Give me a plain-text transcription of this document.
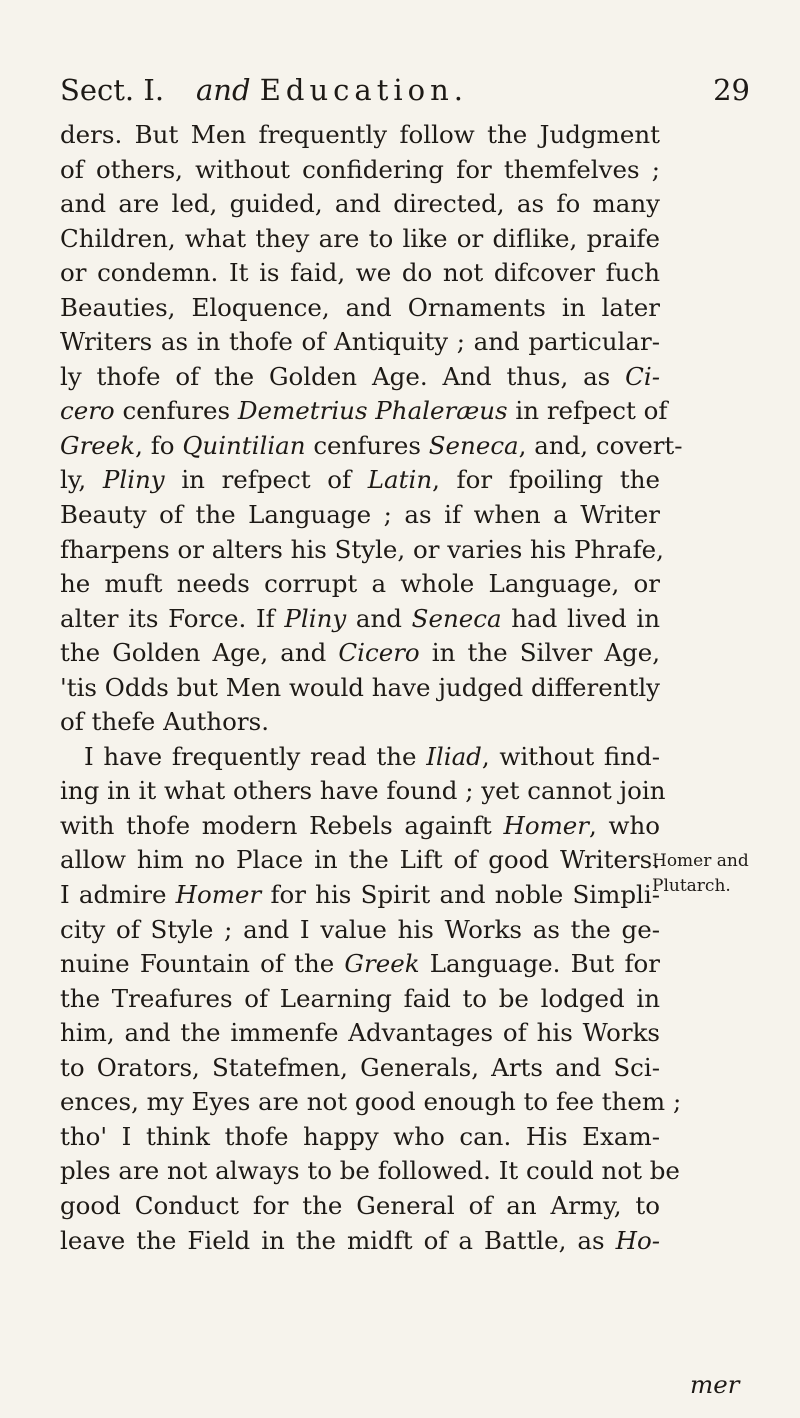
Sect. I. and Education.	29
ders. But Men frequently follow the Judgment
of others, without confidering for themfelves ;
and are led, guided, and directed, as fo many
Children, what they are to like or diflike, praife
or condemn. It is faid, we do not difcover fuch
Beauties, Eloquence, and Ornaments in later
Writers as in thofe of Antiquity ; and particular-
ly thofe of the Golden Age. And thus, as Ci-
cero cenfures Demetrius Phaleræus in refpect of
Greek, fo Quintilian cenfures Seneca, and, covert-
ly, Pliny in refpect of Latin, for fpoiling the
Beauty of the Language ; as if when a Writer
fharpens or alters his Style, or varies his Phrafe,
he muft needs corrupt a whole Language, or
alter its Force. If Pliny and Seneca had lived in
the Golden Age, and Cicero in the Silver Age,
'tis Odds but Men would have judged differently
of thefe Authors.
I have frequently read the Iliad, without find-
ing in it what others have found ; yet cannot join
with thofe modern Rebels againft Homer, who
allow him no Place in the Lift of good Writers.
I admire Homer for his Spirit and noble Simpli-
city of Style ; and I value his Works as the ge-
nuine Fountain of the Greek Language. But for
the Treafures of Learning faid to be lodged in
him, and the immenfe Advantages of his Works
to Orators, Statefmen, Generals, Arts and Sci-
ences, my Eyes are not good enough to fee them ;
tho' I think thofe happy who can. His Exam-
ples are not always to be followed. It could not be
good Conduct for the General of an Army, to
leave the Field in the midft of a Battle, as Ho-
Homer and
Plutarch.
mer
